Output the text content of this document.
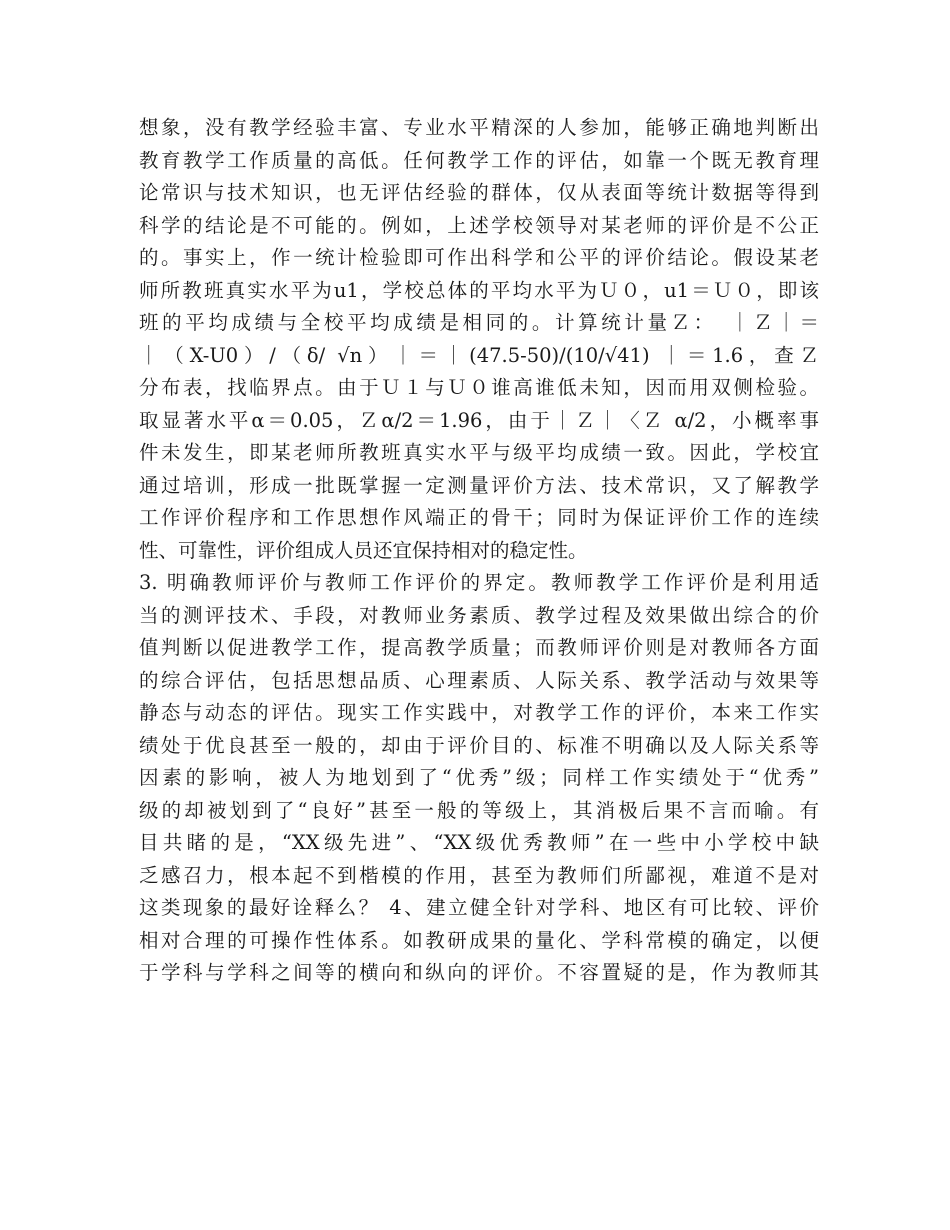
想象，没有教学经验丰富、专业水平精深的人参加，能够正确地判断出
教育教学工作质量的高低。任何教学工作的评估，如靠一个既无教育理
论常识与技术知识，也无评估经验的群体，仅从表面等统计数据等得到
科学的结论是不可能的。例如，上述学校领导对某老师的评价是不公正
的。事实上，作一统计检验即可作出科学和公平的评价结论。假设某老
师所教班真实水平为u1，学校总体的平均水平为Ｕ０，u1＝Ｕ０，即该
班的平均成绩与全校平均成绩是相同的。计算统计量Ｚ：　｜Ｚ｜＝
｜（X-U0）/（δ/ √n）｜＝｜(47.5-50)/(10/√41) ｜＝1.6，查Ｚ
分布表，找临界点。由于Ｕ１与Ｕ０谁高谁低未知，因而用双侧检验。
取显著水平α＝0.05，Ｚα/2＝1.96，由于｜Ｚ｜〈Ｚ α/2，小概率事
件未发生，即某老师所教班真实水平与级平均成绩一致。因此，学校宜
通过培训，形成一批既掌握一定测量评价方法、技术常识，又了解教学
工作评价程序和工作思想作风端正的骨干；同时为保证评价工作的连续
性、可靠性，评价组成人员还宜保持相对的稳定性。
3. 明确教师评价与教师工作评价的界定。教师教学工作评价是利用适
当的测评技术、手段，对教师业务素质、教学过程及效果做出综合的价
值判断以促进教学工作，提高教学质量；而教师评价则是对教师各方面
的综合评估，包括思想品质、心理素质、人际关系、教学活动与效果等
静态与动态的评估。现实工作实践中，对教学工作的评价，本来工作实
绩处于优良甚至一般的，却由于评价目的、标准不明确以及人际关系等
因素的影响，被人为地划到了“优秀”级；同样工作实绩处于“优秀”
级的却被划到了“良好”甚至一般的等级上，其消极后果不言而喻。有
目共睹的是，“XX级先进”、“XX级优秀教师”在一些中小学校中缺
乏感召力，根本起不到楷模的作用，甚至为教师们所鄙视，难道不是对
这类现象的最好诠释么？ 4、建立健全针对学科、地区有可比较、评价
相对合理的可操作性体系。如教研成果的量化、学科常模的确定，以便
于学科与学科之间等的横向和纵向的评价。不容置疑的是，作为教师其
